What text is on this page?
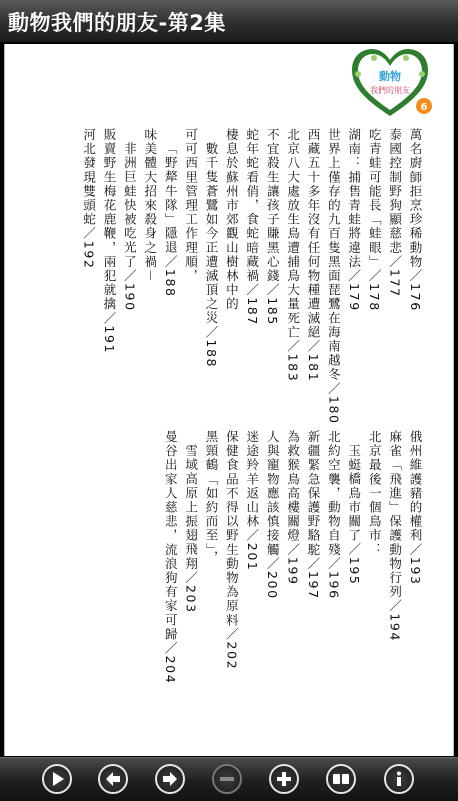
動物我們的朋友-第2集
動物
我們的朋友
6
萬名廚師拒烹珍稀動物／176
泰國控制野狗顯慈悲／177
吃青蛙可能長「蛙眼」／178
湖南：捕售青蛙將違法／179
世界上僅存的九百隻黑面琵鷺在海南越冬／180
西藏五十多年沒有任何物種遭滅絕／181
北京八大處放生鳥遭捕鳥大量死亡／183
不宜殺生讓孩子賺黑心錢／185
蛇年蛇看俏，食蛇暗藏禍／187
棲息於蘇州市郊觀山樹林中的
數千隻蒼鷺如今正遭滅頂之災／188
可可西里管理工作理順，
「野犛牛隊」隱退／188
味美體大招來殺身之禍－
非洲巨蛙快被吃光了／190
販賣野生梅花鹿鞭，兩犯就擒／191
河北發現雙頭蛇／192
俄州維護豬的權利／193
麻雀「飛進」保護動物行列／194
北京最後一個鳥市：
玉蜓橋鳥市關了／195
北約空襲，動物自殘／196
新疆緊急保護野駱駝／197
為救猴鳥高樓關燈／199
人與寵物應該慎接觸／200
迷途羚羊返山林／201
保健食品不得以野生動物為原料／202
黑頸鶴「如約而至」，
雪域高原上振翅飛翔／203
曼谷出家人慈悲，流浪狗有家可歸／204
